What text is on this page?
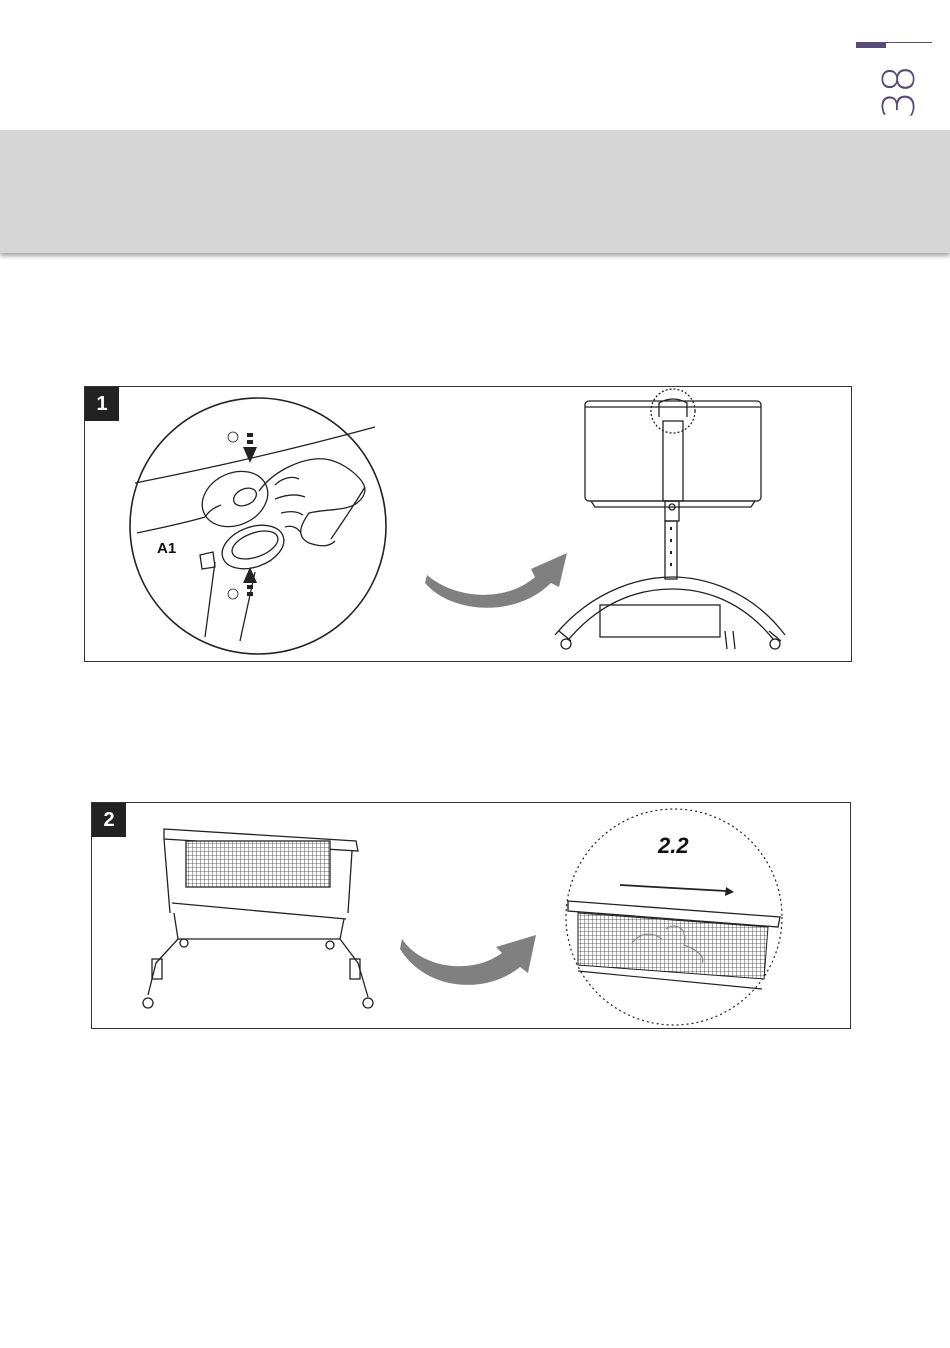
38
1
A1
2
2.2
